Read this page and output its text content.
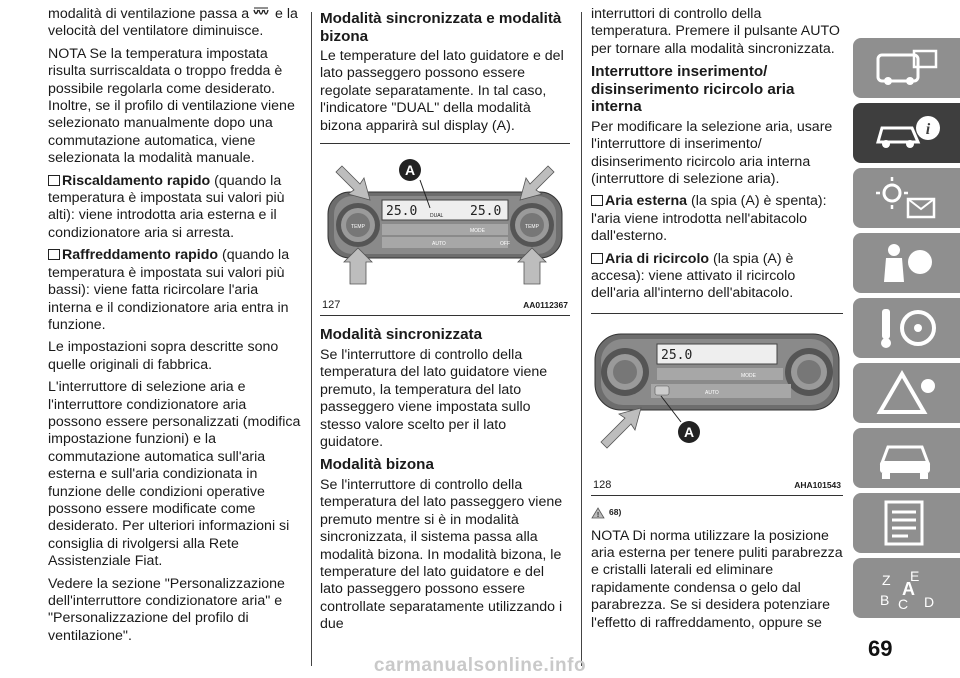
modalità di ventilazione passa a e la velocità del ventilatore diminuisce.

NOTA Se la temperatura impostata risulta surriscaldata o troppo fredda è possibile regolarla come desiderato. Inoltre, se il profilo di ventilazione viene selezionato manualmente dopo una commutazione automatica, viene selezionata la modalità manuale.

Riscaldamento rapido (quando la temperatura è impostata sui valori più alti): viene introdotta aria esterna e il condizionatore aria si arresta.

Raffreddamento rapido (quando la temperatura è impostata sui valori più bassi): viene fatta ricircolare l'aria interna e il condizionatore aria entra in funzione.

Le impostazioni sopra descritte sono quelle originali di fabbrica.

L'interruttore di selezione aria e l'interruttore condizionatore aria possono essere personalizzati (modifica impostazione funzioni) e la commutazione automatica sull'aria esterna e sull'aria condizionata in funzione delle condizioni operative possono essere modificate come desiderato. Per ulteriori informazioni si consiglia di rivolgersi alla Rete Assistenziale Fiat.

Vedere la sezione "Personalizzazione dell'interruttore condizionatore aria" e "Personalizzazione del profilo di ventilazione".

Modalità sincronizzata e modalità bizona

Le temperature del lato guidatore e del lato passeggero possono essere regolate separatamente. In tal caso, l'indicatore "DUAL" della modalità bizona apparirà sul display (A).

TEMP	TEMP
25.0	25.0
DUAL
MODE
AUTO	OFF
A
127	AA0112367
Modalità sincronizzata

Se l'interruttore di controllo della temperatura del lato guidatore viene premuto, la temperatura del lato passeggero viene impostata sullo stesso valore scelto per il lato guidatore.

Modalità bizona

Se l'interruttore di controllo della temperatura del lato passeggero viene premuto mentre si è in modalità sincronizzata, il sistema passa alla modalità bizona. In modalità bizona, le temperature del lato guidatore e del lato passeggero possono essere controllate separatamente utilizzando i due

interruttori di controllo della temperatura. Premere il pulsante AUTO per tornare alla modalità sincronizzata.

Interruttore inserimento/ disinserimento ricircolo aria interna

Per modificare la selezione aria, usare l'interruttore di inserimento/ disinserimento ricircolo aria interna (interruttore di selezione aria).

Aria esterna (la spia (A) è spenta): l'aria viene introdotta nell'abitacolo dall'esterno.

Aria di ricircolo (la spia (A) è accesa): viene attivato il ricircolo dell'aria all'interno dell'abitacolo.

25.0
MODE
AUTO
A
128	AHA101543
! 68)

NOTA Di norma utilizzare la posizione aria esterna per tenere puliti parabrezza e cristalli laterali ed eliminare rapidamente condensa o gelo dal parabrezza. Se si desidera potenziare l'effetto di raffreddamento, oppure se

i
Z E
B C D
A
69
carmanualsonline.info
